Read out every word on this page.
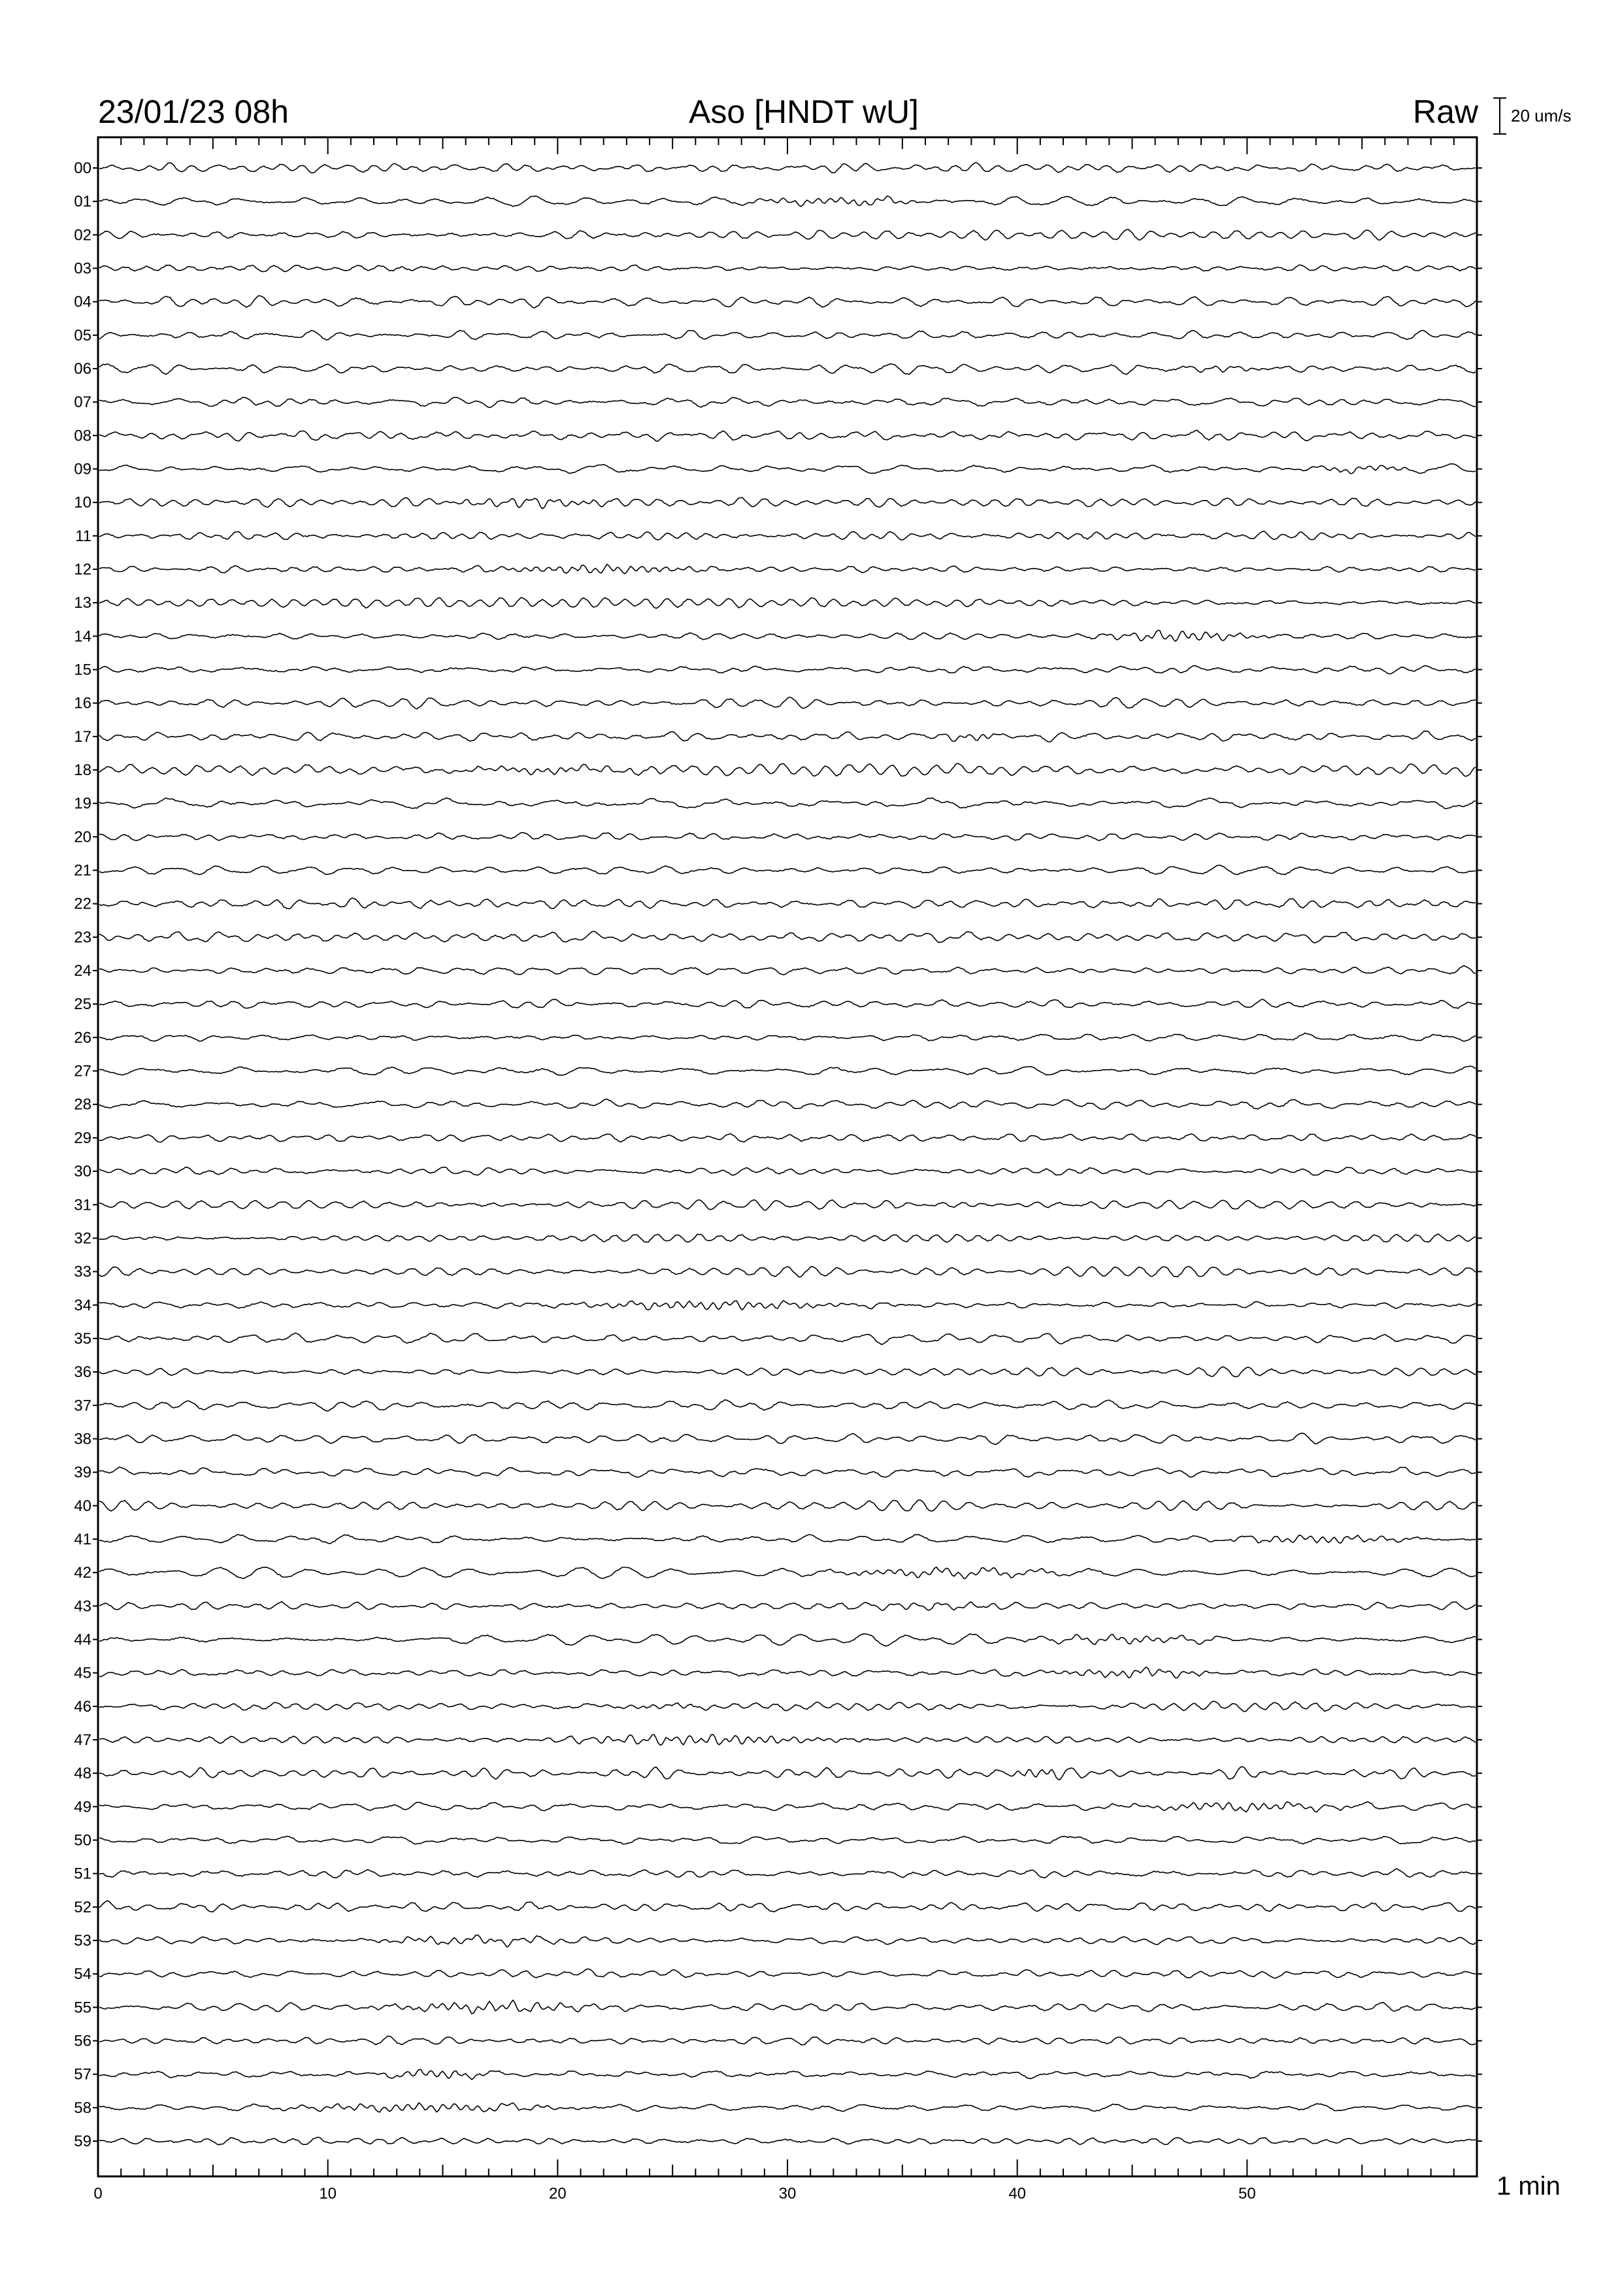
23/01/23 08h	Aso [HNDT wU]	Raw 20 um/s
00
01
02
03
04
05
06
07
08
09
10
11
12
13
14
15
16
17
18
19
20
21
22
23
24
25
26
27
28
29
30
31
32
33
34
35
36
37
38
39
40
41
42
43
44
45
46
47
48
49
50
51
52
53
54
55
56
57
58
59
0	10	20	30	40	50	1 min
